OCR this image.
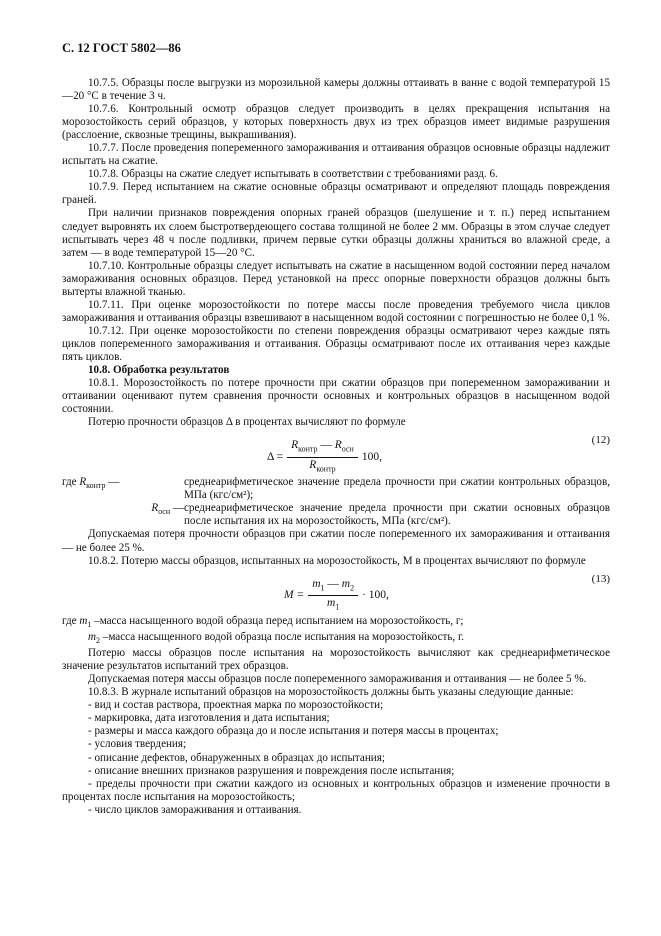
С. 12 ГОСТ 5802—86

10.7.5. Образцы после выгрузки из морозильной камеры должны оттаивать в ванне с водой температурой 15—20 °С в течение 3 ч.

10.7.6. Контрольный осмотр образцов следует производить в целях прекращения испытания на морозостойкость серий образцов, у которых поверхность двух из трех образцов имеет видимые разрушения (расслоение, сквозные трещины, выкрашивания).

10.7.7. После проведения попеременного замораживания и оттаивания образцов основные образцы надлежит испытать на сжатие.

10.7.8. Образцы на сжатие следует испытывать в соответствии с требованиями разд. 6.

10.7.9. Перед испытанием на сжатие основные образцы осматривают и определяют площадь повреждения граней.

При наличии признаков повреждения опорных граней образцов (шелушение и т. п.) перед испытанием следует выровнять их слоем быстротвердеющего состава толщиной не более 2 мм. Образцы в этом случае следует испытывать через 48 ч после подливки, причем первые сутки образцы должны храниться во влажной среде, а затем — в воде температурой 15—20 °С.

10.7.10. Контрольные образцы следует испытывать на сжатие в насыщенном водой состоянии перед началом замораживания основных образцов. Перед установкой на пресс опорные поверхности образцов должны быть вытерты влажной тканью.

10.7.11. При оценке морозостойкости по потере массы после проведения требуемого числа циклов замораживания и оттаивания образцы взвешивают в насыщенном водой состоянии с погрешностью не более 0,1 %.

10.7.12. При оценке морозостойкости по степени повреждения образцы осматривают через каждые пять циклов попеременного замораживания и оттаивания. Образцы осматривают после их оттаивания через каждые пять циклов.

10.8. Обработка результатов

10.8.1. Морозостойкость по потере прочности при сжатии образцов при попеременном замораживании и оттаивании оценивают путем сравнения прочности основных и контрольных образцов в насыщенном водой состоянии.

Потерю прочности образцов Δ в процентах вычисляют по формуле

$\Delta = \frac{R_{контр} — R_{осн}}{R_{контр}} 100$,
(12)
где $R_{контр}$ —	среднеарифметическое значение предела прочности при сжатии контрольных образцов, МПа (кгс/см²);
$R_{осн}$ — среднеарифметическое значение предела прочности при сжатии основных образцов после испытания их на морозостойкость, МПа (кгс/см²).

Допускаемая потеря прочности образцов при сжатии после попеременного их замораживания и оттаивания — не более 25 %.

10.8.2. Потерю массы образцов, испытанных на морозостойкость, М в процентах вычисляют по формуле

$М = \frac{m_1 — m_2}{m_1} \cdot 100$,
(13)
где $m_1$ – масса насыщенного водой образца перед испытанием на морозостойкость, г;
$m_2$ – масса насыщенного водой образца после испытания на морозостойкость, г.

Потерю массы образцов после испытания на морозостойкость вычисляют как среднеарифметическое значение результатов испытаний трех образцов.

Допускаемая потеря массы образцов после попеременного замораживания и оттаивания — не более 5 %.

10.8.3. В журнале испытаний образцов на морозостойкость должны быть указаны следующие данные:

- вид и состав раствора, проектная марка по морозостойкости;

- маркировка, дата изготовления и дата испытания;

- размеры и масса каждого образца до и после испытания и потеря массы в процентах;

- условия твердения;

- описание дефектов, обнаруженных в образцах до испытания;

- описание внешних признаков разрушения и повреждения после испытания;

- пределы прочности при сжатии каждого из основных и контрольных образцов и изменение прочности в процентах после испытания на морозостойкость;

- число циклов замораживания и оттаивания.
